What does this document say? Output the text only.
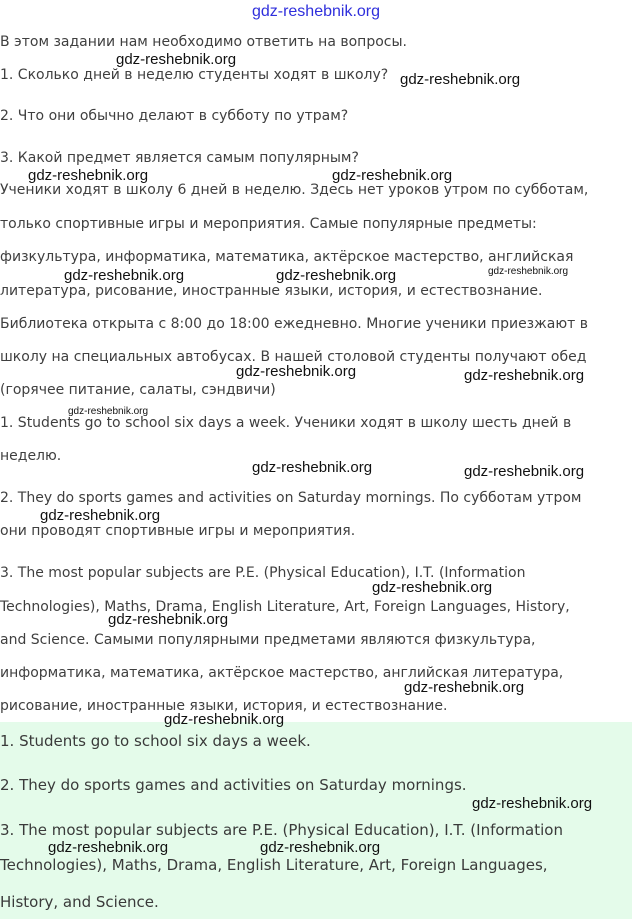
gdz-reshebnik.org
В этом задании нам необходимо ответить на вопросы.
1. Сколько дней в неделю студенты ходят в школу?
2. Что они обычно делают в субботу по утрам?
3. Какой предмет является самым популярным?
Ученики ходят в школу 6 дней в неделю. Здесь нет уроков утром по субботам,
только спортивные игры и мероприятия. Самые популярные предметы:
физкультура, информатика, математика, актёрское мастерство, английская
литература, рисование, иностранные языки, история, и естествознание.
Библиотека открыта с 8:00 до 18:00 ежедневно. Многие ученики приезжают в
школу на специальных автобусах. В нашей столовой студенты получают обед
(горячее питание, салаты, сэндвичи)
1. Students go to school six days a week. Ученики ходят в школу шесть дней в
неделю.
2. They do sports games and activities on Saturday mornings. По субботам утром
они проводят спортивные игры и мероприятия.
3. The most popular subjects are P.E. (Physical Education), I.T. (Information
Technologies), Maths, Drama, English Literature, Art, Foreign Languages, History,
and Science. Самыми популярными предметами являются физкультура,
информатика, математика, актёрское мастерство, английская литература,
рисование, иностранные языки, история, и естествознание.
1. Students go to school six days a week.
2. They do sports games and activities on Saturday mornings.
3. The most popular subjects are P.E. (Physical Education), I.T. (Information
Technologies), Maths, Drama, English Literature, Art, Foreign Languages,
History, and Science.
gdz-reshebnik.org
gdz-reshebnik.org
gdz-reshebnik.org	gdz-reshebnik.org
gdz-reshebnik.org	gdz-reshebnik.org	gdz-reshebnik.org
gdz-reshebnik.org	gdz-reshebnik.org
gdz-reshebnik.org
gdz-reshebnik.org	gdz-reshebnik.org
gdz-reshebnik.org
gdz-reshebnik.org
gdz-reshebnik.org
gdz-reshebnik.org
gdz-reshebnik.org
gdz-reshebnik.org
gdz-reshebnik.org	gdz-reshebnik.org
